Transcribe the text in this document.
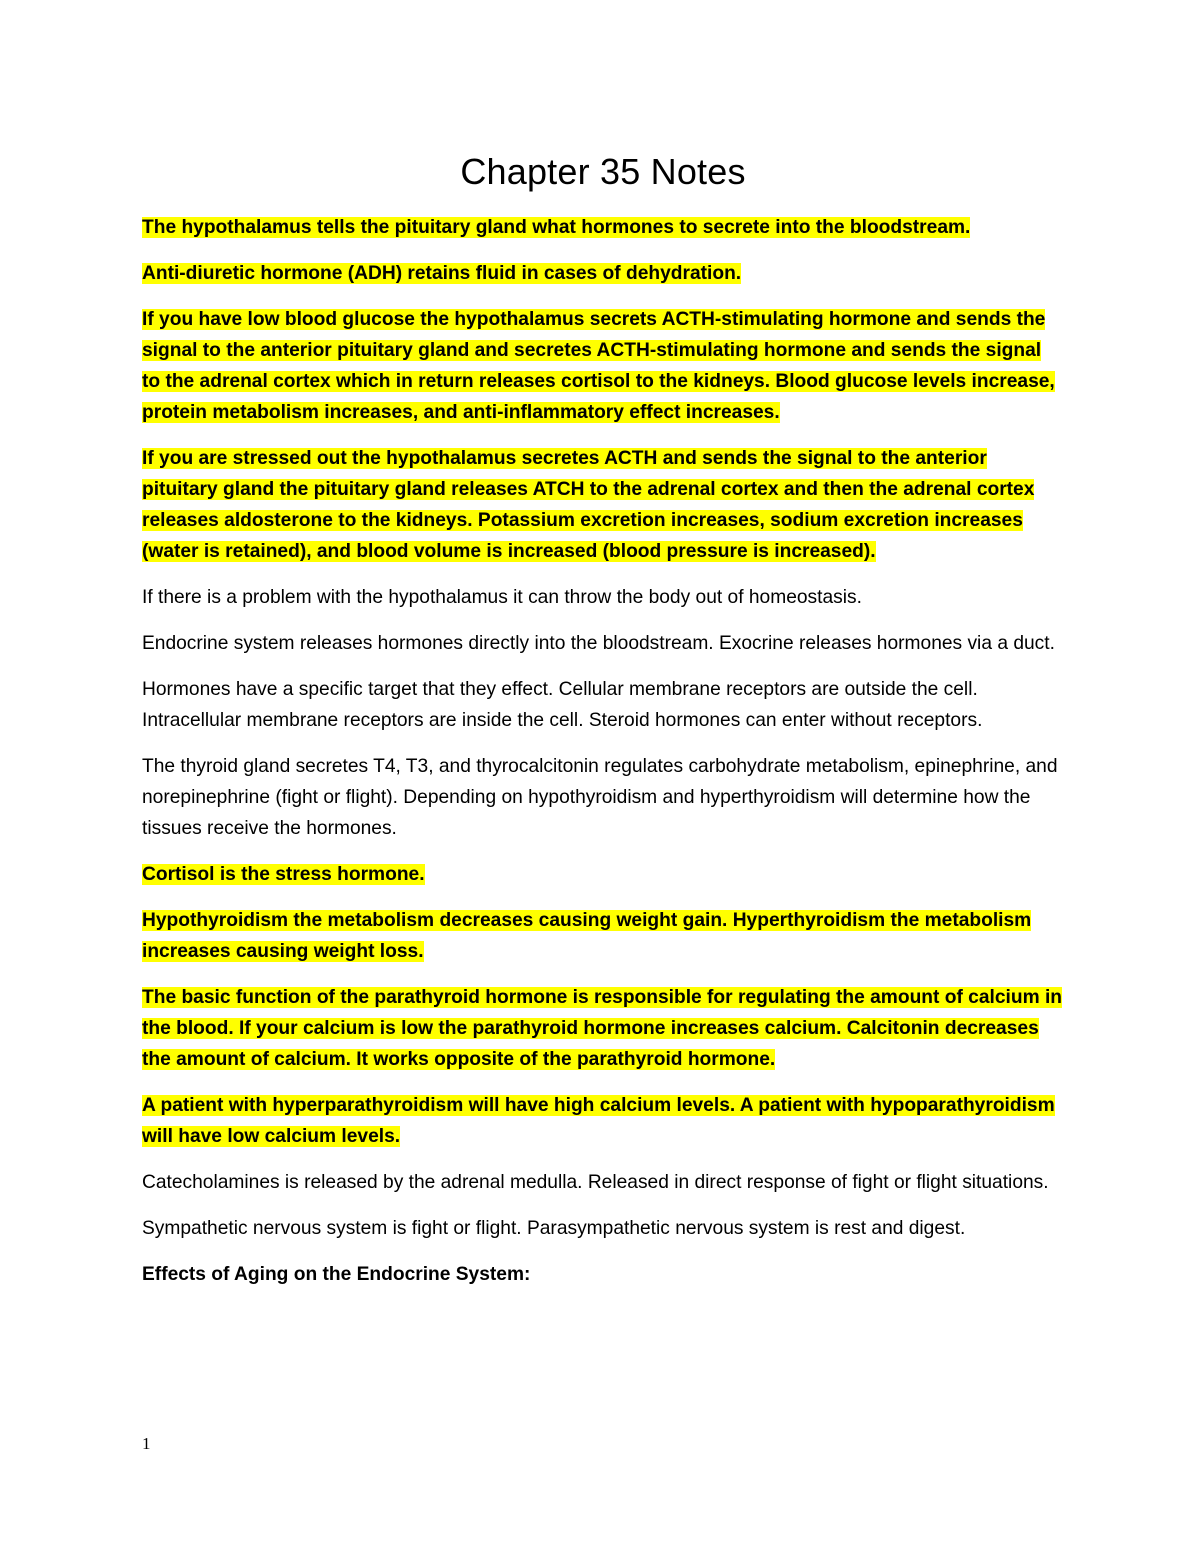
Chapter 35 Notes

The hypothalamus tells the pituitary gland what hormones to secrete into the bloodstream.

Anti-diuretic hormone (ADH) retains fluid in cases of dehydration.

If you have low blood glucose the hypothalamus secrets ACTH-stimulating hormone and sends the signal to the anterior pituitary gland and secretes ACTH-stimulating hormone and sends the signal to the adrenal cortex which in return releases cortisol to the kidneys. Blood glucose levels increase, protein metabolism increases, and anti-inflammatory effect increases.

If you are stressed out the hypothalamus secretes ACTH and sends the signal to the anterior pituitary gland the pituitary gland releases ATCH to the adrenal cortex and then the adrenal cortex releases aldosterone to the kidneys. Potassium excretion increases, sodium excretion increases (water is retained), and blood volume is increased (blood pressure is increased).

If there is a problem with the hypothalamus it can throw the body out of homeostasis.

Endocrine system releases hormones directly into the bloodstream. Exocrine releases hormones via a duct.

Hormones have a specific target that they effect. Cellular membrane receptors are outside the cell. Intracellular membrane receptors are inside the cell. Steroid hormones can enter without receptors.

The thyroid gland secretes T4, T3, and thyrocalcitonin regulates carbohydrate metabolism, epinephrine, and norepinephrine (fight or flight). Depending on hypothyroidism and hyperthyroidism will determine how the tissues receive the hormones.

Cortisol is the stress hormone.

Hypothyroidism the metabolism decreases causing weight gain. Hyperthyroidism the metabolism increases causing weight loss.

The basic function of the parathyroid hormone is responsible for regulating the amount of calcium in the blood. If your calcium is low the parathyroid hormone increases calcium. Calcitonin decreases the amount of calcium. It works opposite of the parathyroid hormone.

A patient with hyperparathyroidism will have high calcium levels. A patient with hypoparathyroidism will have low calcium levels.

Catecholamines is released by the adrenal medulla. Released in direct response of fight or flight situations.

Sympathetic nervous system is fight or flight. Parasympathetic nervous system is rest and digest.

Effects of Aging on the Endocrine System:

1
